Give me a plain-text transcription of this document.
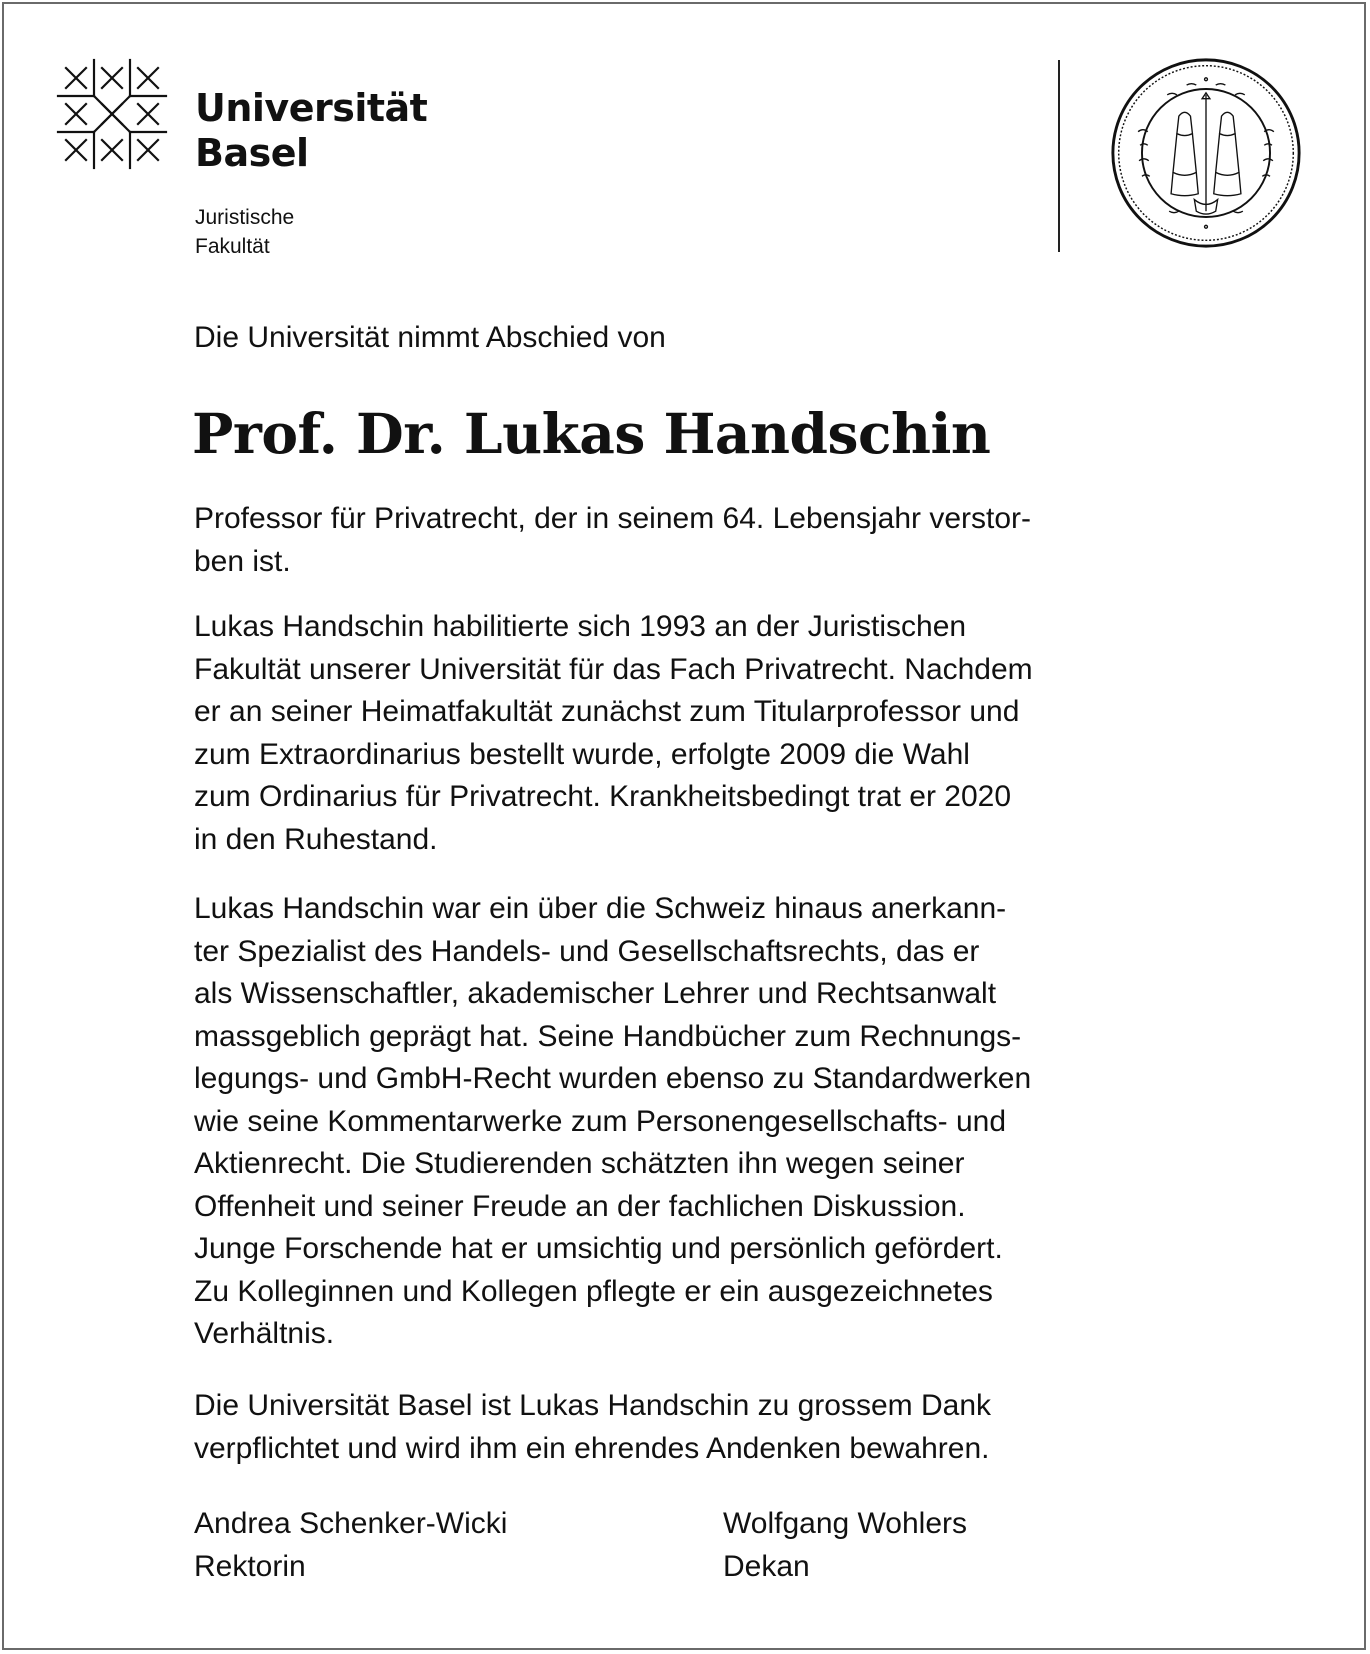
Universität
Basel
Juristische
Fakultät
Die Universität nimmt Abschied von
Prof. Dr. Lukas Handschin
Professor für Privatrecht, der in seinem 64. Lebensjahr verstor-
ben ist.
Lukas Handschin habilitierte sich 1993 an der Juristischen
Fakultät unserer Universität für das Fach Privatrecht. Nachdem
er an seiner Heimatfakultät zunächst zum Titularprofessor und
zum Extraordinarius bestellt wurde, erfolgte 2009 die Wahl
zum Ordinarius für Privatrecht. Krankheitsbedingt trat er 2020
in den Ruhestand.
Lukas Handschin war ein über die Schweiz hinaus anerkann-
ter Spezialist des Handels- und Gesellschaftsrechts, das er
als Wissenschaftler, akademischer Lehrer und Rechtsanwalt
massgeblich geprägt hat. Seine Handbücher zum Rechnungs-
legungs- und GmbH-Recht wurden ebenso zu Standardwerken
wie seine Kommentarwerke zum Personengesellschafts- und
Aktienrecht. Die Studierenden schätzten ihn wegen seiner
Offenheit und seiner Freude an der fachlichen Diskussion.
Junge Forschende hat er umsichtig und persönlich gefördert.
Zu Kolleginnen und Kollegen pflegte er ein ausgezeichnetes
Verhältnis.
Die Universität Basel ist Lukas Handschin zu grossem Dank
verpflichtet und wird ihm ein ehrendes Andenken bewahren.
Andrea Schenker-Wicki
Rektorin
Wolfgang Wohlers
Dekan
